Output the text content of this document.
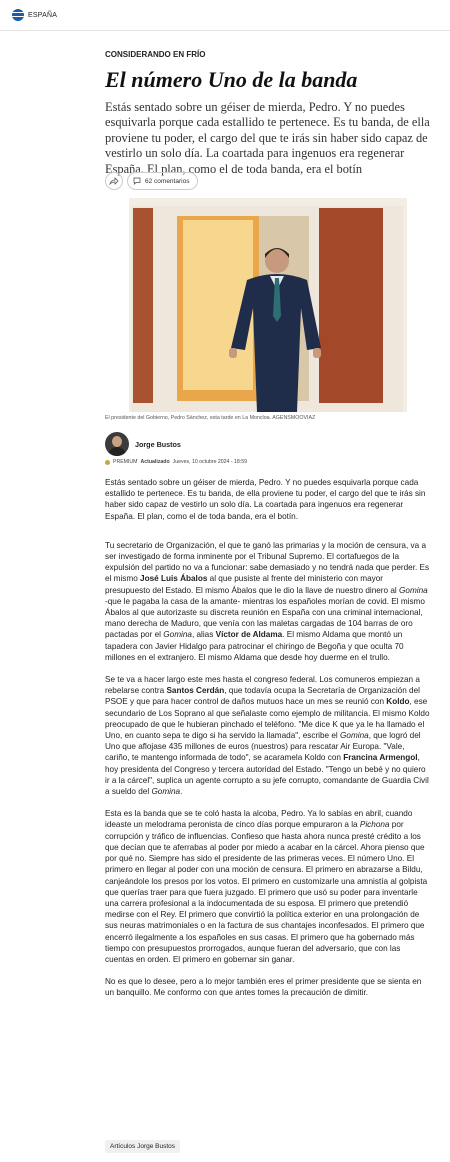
ESPAÑA
CONSIDERANDO EN FRÍO
El número Uno de la banda

Estás sentado sobre un géiser de mierda, Pedro. Y no puedes esquivarla porque cada estallido te pertenece. Es tu banda, de ella proviene tu poder, el cargo del que te irás sin haber sido capaz de vestirlo un solo día. La coartada para ingenuos era regenerar España. El plan, como el de toda banda, era el botín

62 comentarios
El presidente del Gobierno, Pedro Sánchez, esta tarde en La Moncloa. AGENSMOOVIAZ
Jorge Bustos
PREMIUM Actualizado Jueves, 10 octubre 2024 - 18:59

Estás sentado sobre un géiser de mierda, Pedro. Y no puedes esquivarla porque cada estallido te pertenece. Es tu banda, de ella proviene tu poder, el cargo del que te irás sin haber sido capaz de vestirlo un solo día. La coartada para ingenuos era regenerar España. El plan, como el de toda banda, era el botín.

Tu secretario de Organización, el que te ganó las primarias y la moción de censura, va a ser investigado de forma inminente por el Tribunal Supremo. El cortafuegos de la expulsión del partido no va a funcionar: sabe demasiado y no tendrá nada que perder. Es el mismo José Luis Ábalos al que pusiste al frente del ministerio con mayor presupuesto del Estado. El mismo Ábalos que le dio la llave de nuestro dinero al Gomina -que le pagaba la casa de la amante- mientras los españoles morían de covid. El mismo Ábalos al que autorizaste su discreta reunión en España con una criminal internacional, mano derecha de Maduro, que venía con las maletas cargadas de 104 barras de oro pactadas por el Gomina, alias Víctor de Aldama. El mismo Aldama que montó un tapadera con Javier Hidalgo para patrocinar el chiringo de Begoña y que oculta 70 millones en el extranjero. El mismo Aldama que desde hoy duerme en el trullo.

Se te va a hacer largo este mes hasta el congreso federal. Los comuneros empiezan a rebelarse contra Santos Cerdán, que todavía ocupa la Secretaría de Organización del PSOE y que para hacer control de daños mutuos hace un mes se reunió con Koldo, ese secundario de Los Soprano al que señalaste como ejemplo de militancia. El mismo Koldo preocupado de que le hubieran pinchado el teléfono. "Me dice K que ya le ha llamado el Uno, en cuanto sepa te digo si ha servido la llamada", escribe el Gomina, que logró del Uno que aflojase 435 millones de euros (nuestros) para rescatar Air Europa. "Vale, cariño, te mantengo informada de todo", se acaramela Koldo con Francina Armengol, hoy presidenta del Congreso y tercera autoridad del Estado. "Tengo un bebé y no quiero ir a la cárcel", suplica un agente corrupto a su jefe corrupto, comandante de Guardia Civil a sueldo del Gomina.

Esta es la banda que se te coló hasta la alcoba, Pedro. Ya lo sabías en abril, cuando ideaste un melodrama peronista de cinco días porque empuraron a la Pichona por corrupción y tráfico de influencias. Confieso que hasta ahora nunca presté crédito a los que decían que te aferrabas al poder por miedo a acabar en la cárcel. Ahora pienso que por qué no. Siempre has sido el presidente de las primeras veces. El número Uno. El primero en llegar al poder con una moción de censura. El primero en abrazarse a Bildu, canjeándole los presos por los votos. El primero en customizarle una amnistía al golpista que querías traer para que fuera juzgado. El primero que usó su poder para inventarle una carrera profesional a la indocumentada de su esposa. El primero que pretendió medirse con el Rey. El primero que convirtió la política exterior en una prolongación de sus neuras matrimoniales o en la factura de sus chantajes inconfesados. El primero que encerró ilegalmente a los españoles en sus casas. El primero que ha gobernado más tiempo con presupuestos prorrogados, aunque fueran del adversario, que con las cuentas en orden. El primero en gobernar sin ganar.

No es que lo desee, pero a lo mejor también eres el primer presidente que se sienta en un banquillo. Me conformo con que antes tomes la precaución de dimitir.

Artículos Jorge Bustos
